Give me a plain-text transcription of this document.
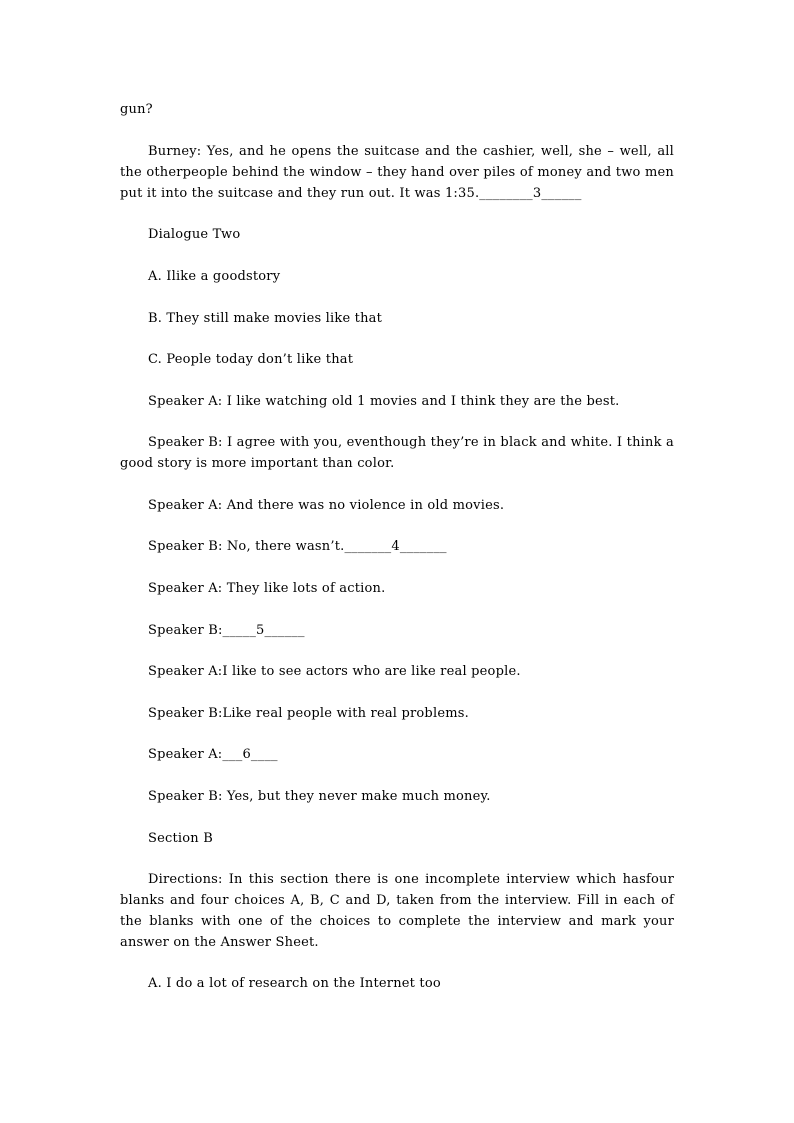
gun?
Burney: Yes, and he opens the suitcase and the cashier, well, she – well, all the otherpeople behind the window – they hand over piles of money and two men put it into the suitcase and they run out. It was 1:35.________3______
Dialogue Two
A. Ilike a goodstory
B. They still make movies like that
C. People today don’t like that
Speaker A: I like watching old 1 movies and I think they are the best.
Speaker B: I agree with you, eventhough they’re in black and white. I think a good story is more important than color.
Speaker A: And there was no violence in old movies.
Speaker B: No, there wasn’t._______4_______
Speaker A: They like lots of action.
Speaker B:_____5______
Speaker A:I like to see actors who are like real people.
Speaker B:Like real people with real problems.
Speaker A:___6____
Speaker B: Yes, but they never make much money.
Section B
Directions: In this section there is one incomplete interview which hasfour blanks and four choices A, B, C and D, taken from the interview. Fill in each of the blanks with one of the choices to complete the interview and mark your answer on the Answer Sheet.
A. I do a lot of research on the Internet too
